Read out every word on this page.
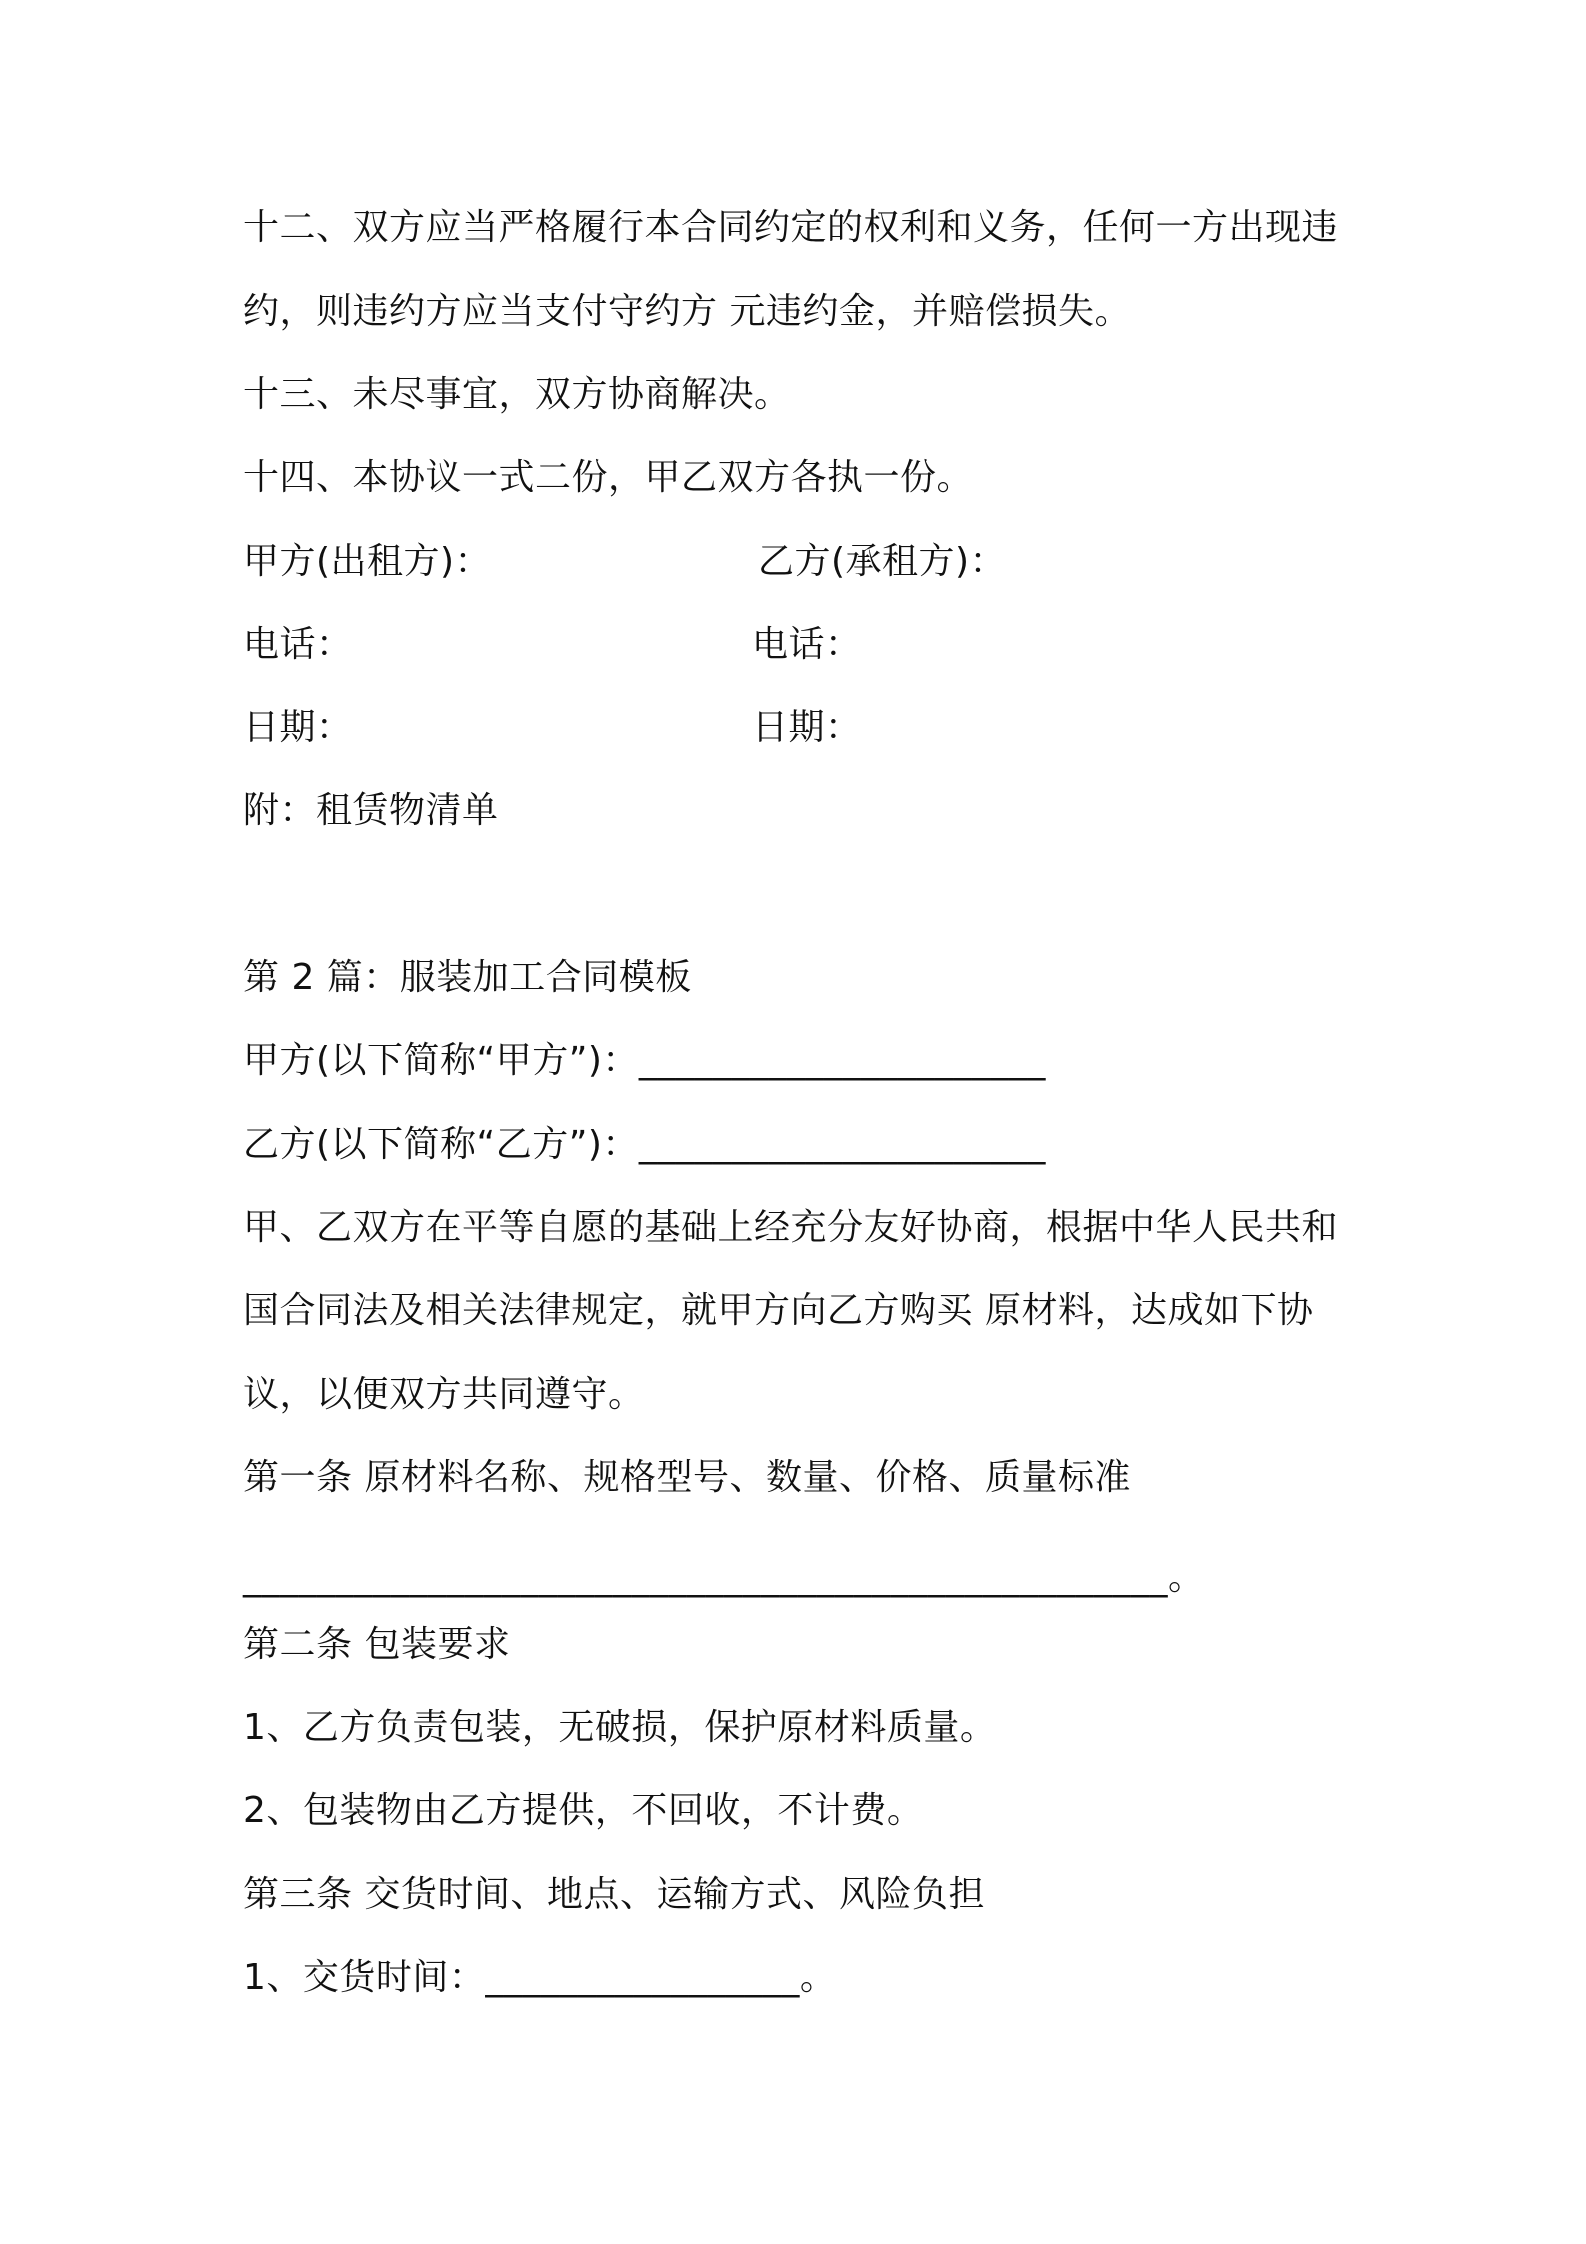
十二、双方应当严格履行本合同约定的权利和义务，任何一方出现违
约，则违约方应当支付守约方 元违约金，并赔偿损失。
十三、未尽事宜，双方协商解决。
十四、本协议一式二份，甲乙双方各执一份。
甲方(出租方)：	乙方(承租方)：
电话：	电话：
日期：	日期：
附：租赁物清单
第 2 篇：服装加工合同模板
甲方(以下简称“甲方”)：______________________
乙方(以下简称“乙方”)：______________________
甲、乙双方在平等自愿的基础上经充分友好协商，根据中华人民共和
国合同法及相关法律规定，就甲方向乙方购买 原材料，达成如下协
议，以便双方共同遵守。
第一条 原材料名称、规格型号、数量、价格、质量标准
__________________________________________________。
第二条 包装要求
1、乙方负责包装，无破损，保护原材料质量。
2、包装物由乙方提供，不回收，不计费。
第三条 交货时间、地点、运输方式、风险负担
1、交货时间：_________________。
